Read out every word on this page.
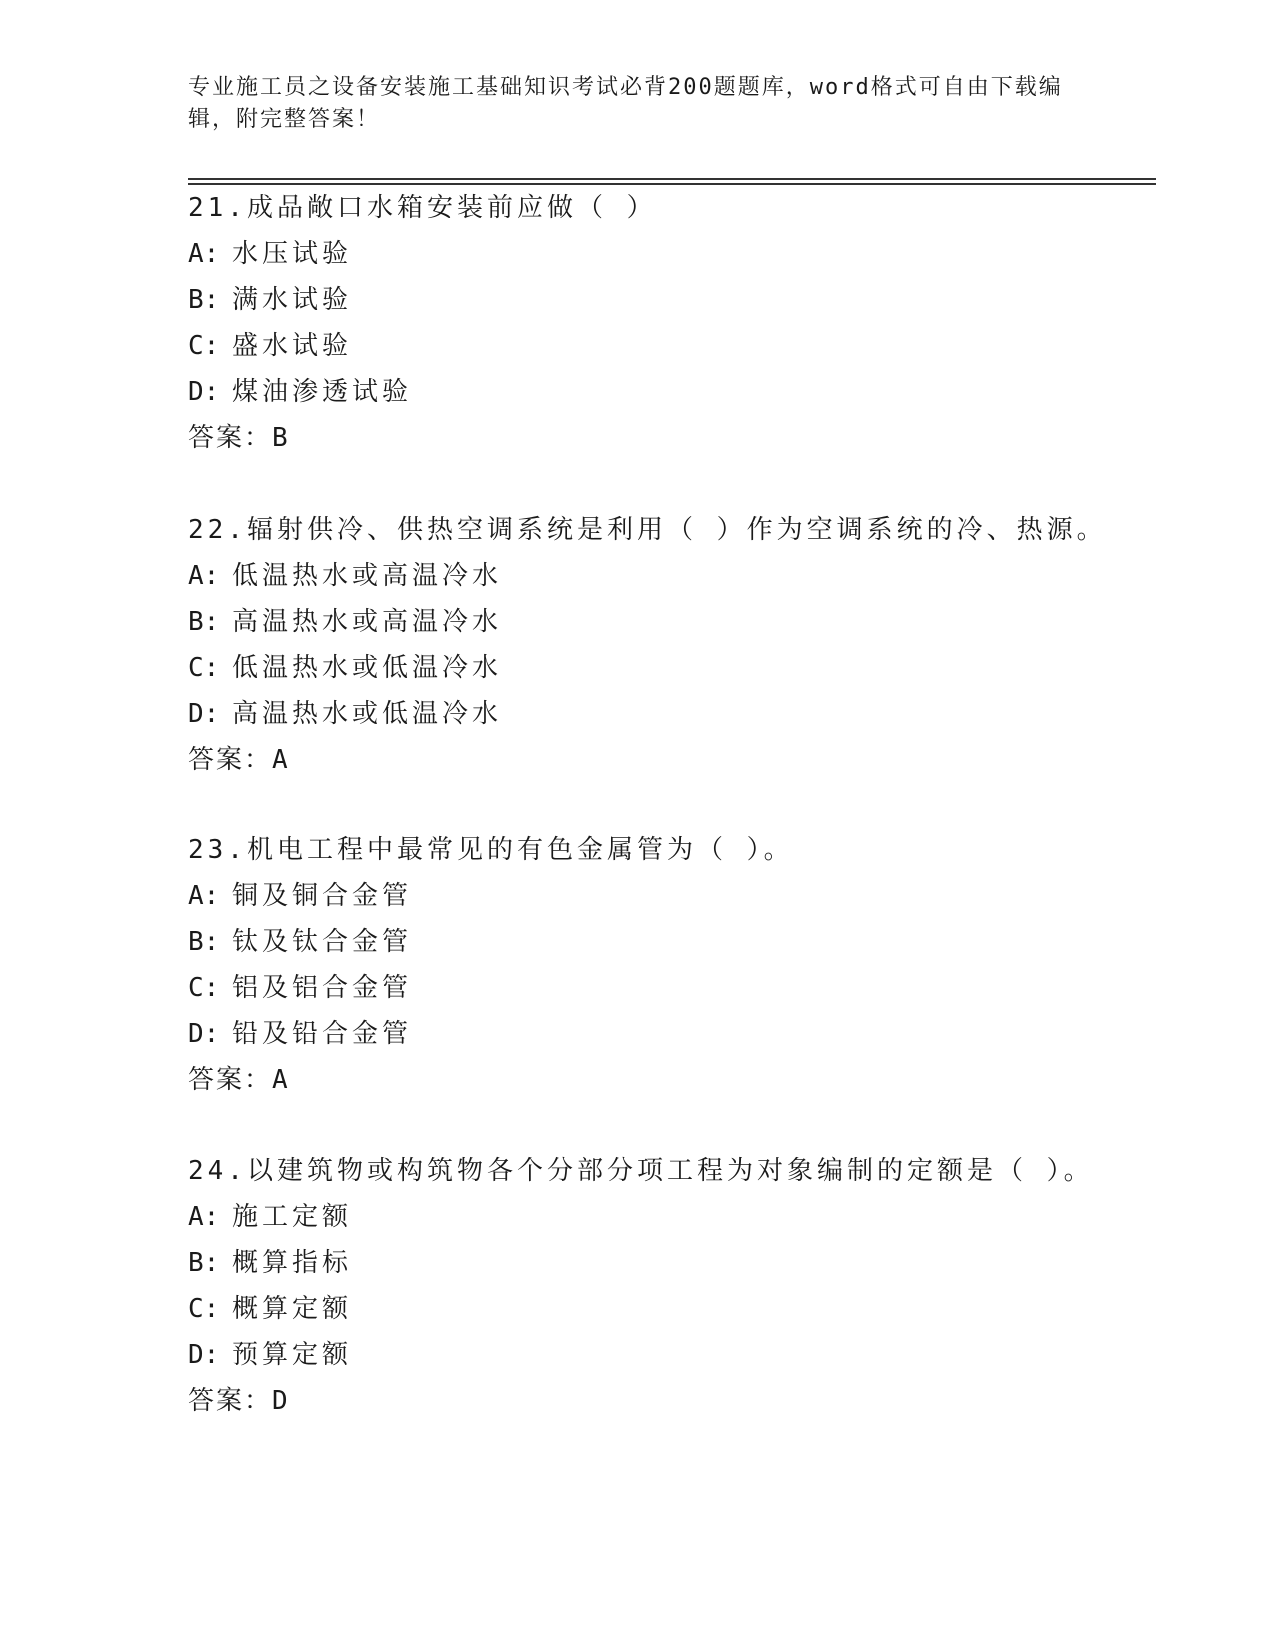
专业施工员之设备安装施工基础知识考试必背200题题库，word格式可自由下载编辑，附完整答案！
21.成品敞口水箱安装前应做（ ）
A: 水压试验
B: 满水试验
C: 盛水试验
D: 煤油渗透试验
答案：B
22.辐射供冷、供热空调系统是利用（ ）作为空调系统的冷、热源。
A: 低温热水或高温冷水
B: 高温热水或高温冷水
C: 低温热水或低温冷水
D: 高温热水或低温冷水
答案：A
23.机电工程中最常见的有色金属管为（ ）。
A: 铜及铜合金管
B: 钛及钛合金管
C: 铝及铝合金管
D: 铅及铅合金管
答案：A
24.以建筑物或构筑物各个分部分项工程为对象编制的定额是（ ）。
A: 施工定额
B: 概算指标
C: 概算定额
D: 预算定额
答案：D
